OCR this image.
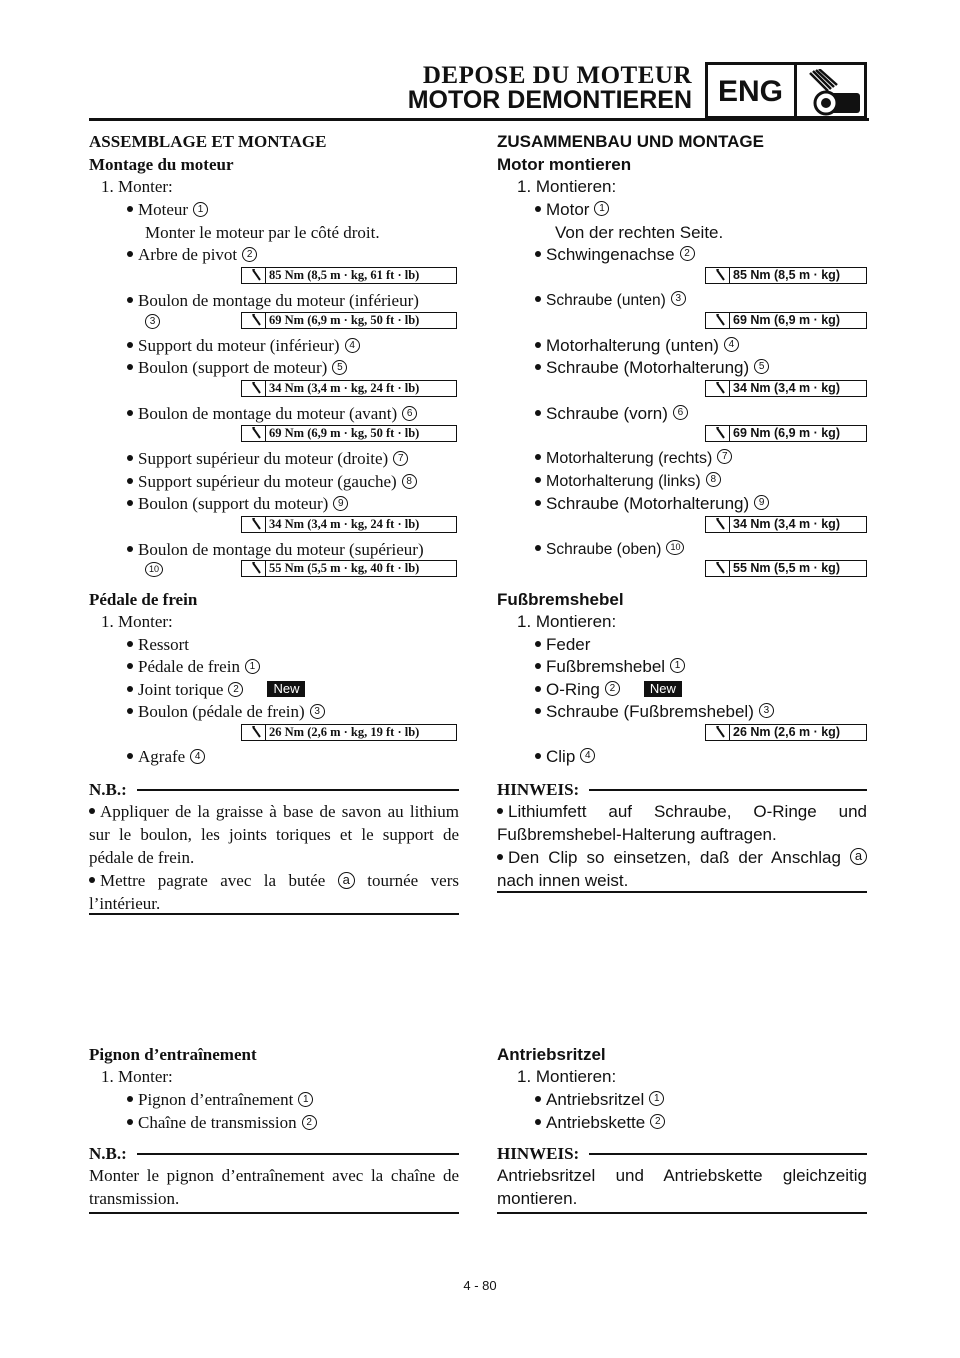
DEPOSE DU MOTEUR
MOTOR DEMONTIEREN ENG
ASSEMBLAGE ET MONTAGE
Montage du moteur
1. Monter:
Moteur 1
Monter le moteur par le côté droit.
Arbre de pivot 2
85 Nm (8,5 m · kg, 61 ft · lb)
Boulon de montage du moteur (inférieur)
3	69 Nm (6,9 m · kg, 50 ft · lb)
Support du moteur (inférieur) 4
Boulon (support de moteur) 5
34 Nm (3,4 m · kg, 24 ft · lb)
Boulon de montage du moteur (avant) 6
69 Nm (6,9 m · kg, 50 ft · lb)
Support supérieur du moteur (droite) 7
Support supérieur du moteur (gauche) 8
Boulon (support du moteur) 9
34 Nm (3,4 m · kg, 24 ft · lb)
Boulon de montage du moteur (supérieur)
10	55 Nm (5,5 m · kg, 40 ft · lb)
Pédale de frein
1. Monter:
Ressort
Pédale de frein 1
Joint torique 2	New
Boulon (pédale de frein) 3
26 Nm (2,6 m · kg, 19 ft · lb)
Agrafe 4
N.B.:
Appliquer de la graisse à base de savon au lithium sur le boulon, les joints toriques et le support de pédale de frein.
Mettre pagrate avec la butée a tournée vers l’intérieur.
Pignon d’entraînement
1. Monter:
Pignon d’entraînement 1
Chaîne de transmission 2
N.B.:
Monter le pignon d’entraînement avec la chaîne de transmission.
ZUSAMMENBAU UND MONTAGE
Motor montieren
1. Montieren:
Motor 1
Von der rechten Seite.
Schwingenachse 2
85 Nm (8,5 m · kg)
Schraube (unten) 3
69 Nm (6,9 m · kg)
Motorhalterung (unten) 4
Schraube (Motorhalterung) 5
34 Nm (3,4 m · kg)
Schraube (vorn) 6
69 Nm (6,9 m · kg)
Motorhalterung (rechts) 7
Motorhalterung (links) 8
Schraube (Motorhalterung) 9
34 Nm (3,4 m · kg)
Schraube (oben) 10
55 Nm (5,5 m · kg)
Fußbremshebel
1. Montieren:
Feder
Fußbremshebel 1
O-Ring 2	New
Schraube (Fußbremshebel) 3
26 Nm (2,6 m · kg)
Clip 4
HINWEIS:
Lithiumfett auf Schraube, O-Ringe und Fußbremshebel-Halterung auftragen.
Den Clip so einsetzen, daß der Anschlag a nach innen weist.
Antriebsritzel
1. Montieren:
Antriebsritzel 1
Antriebskette 2
HINWEIS:
Antriebsritzel und Antriebskette gleichzeitig montieren.
4 - 80
